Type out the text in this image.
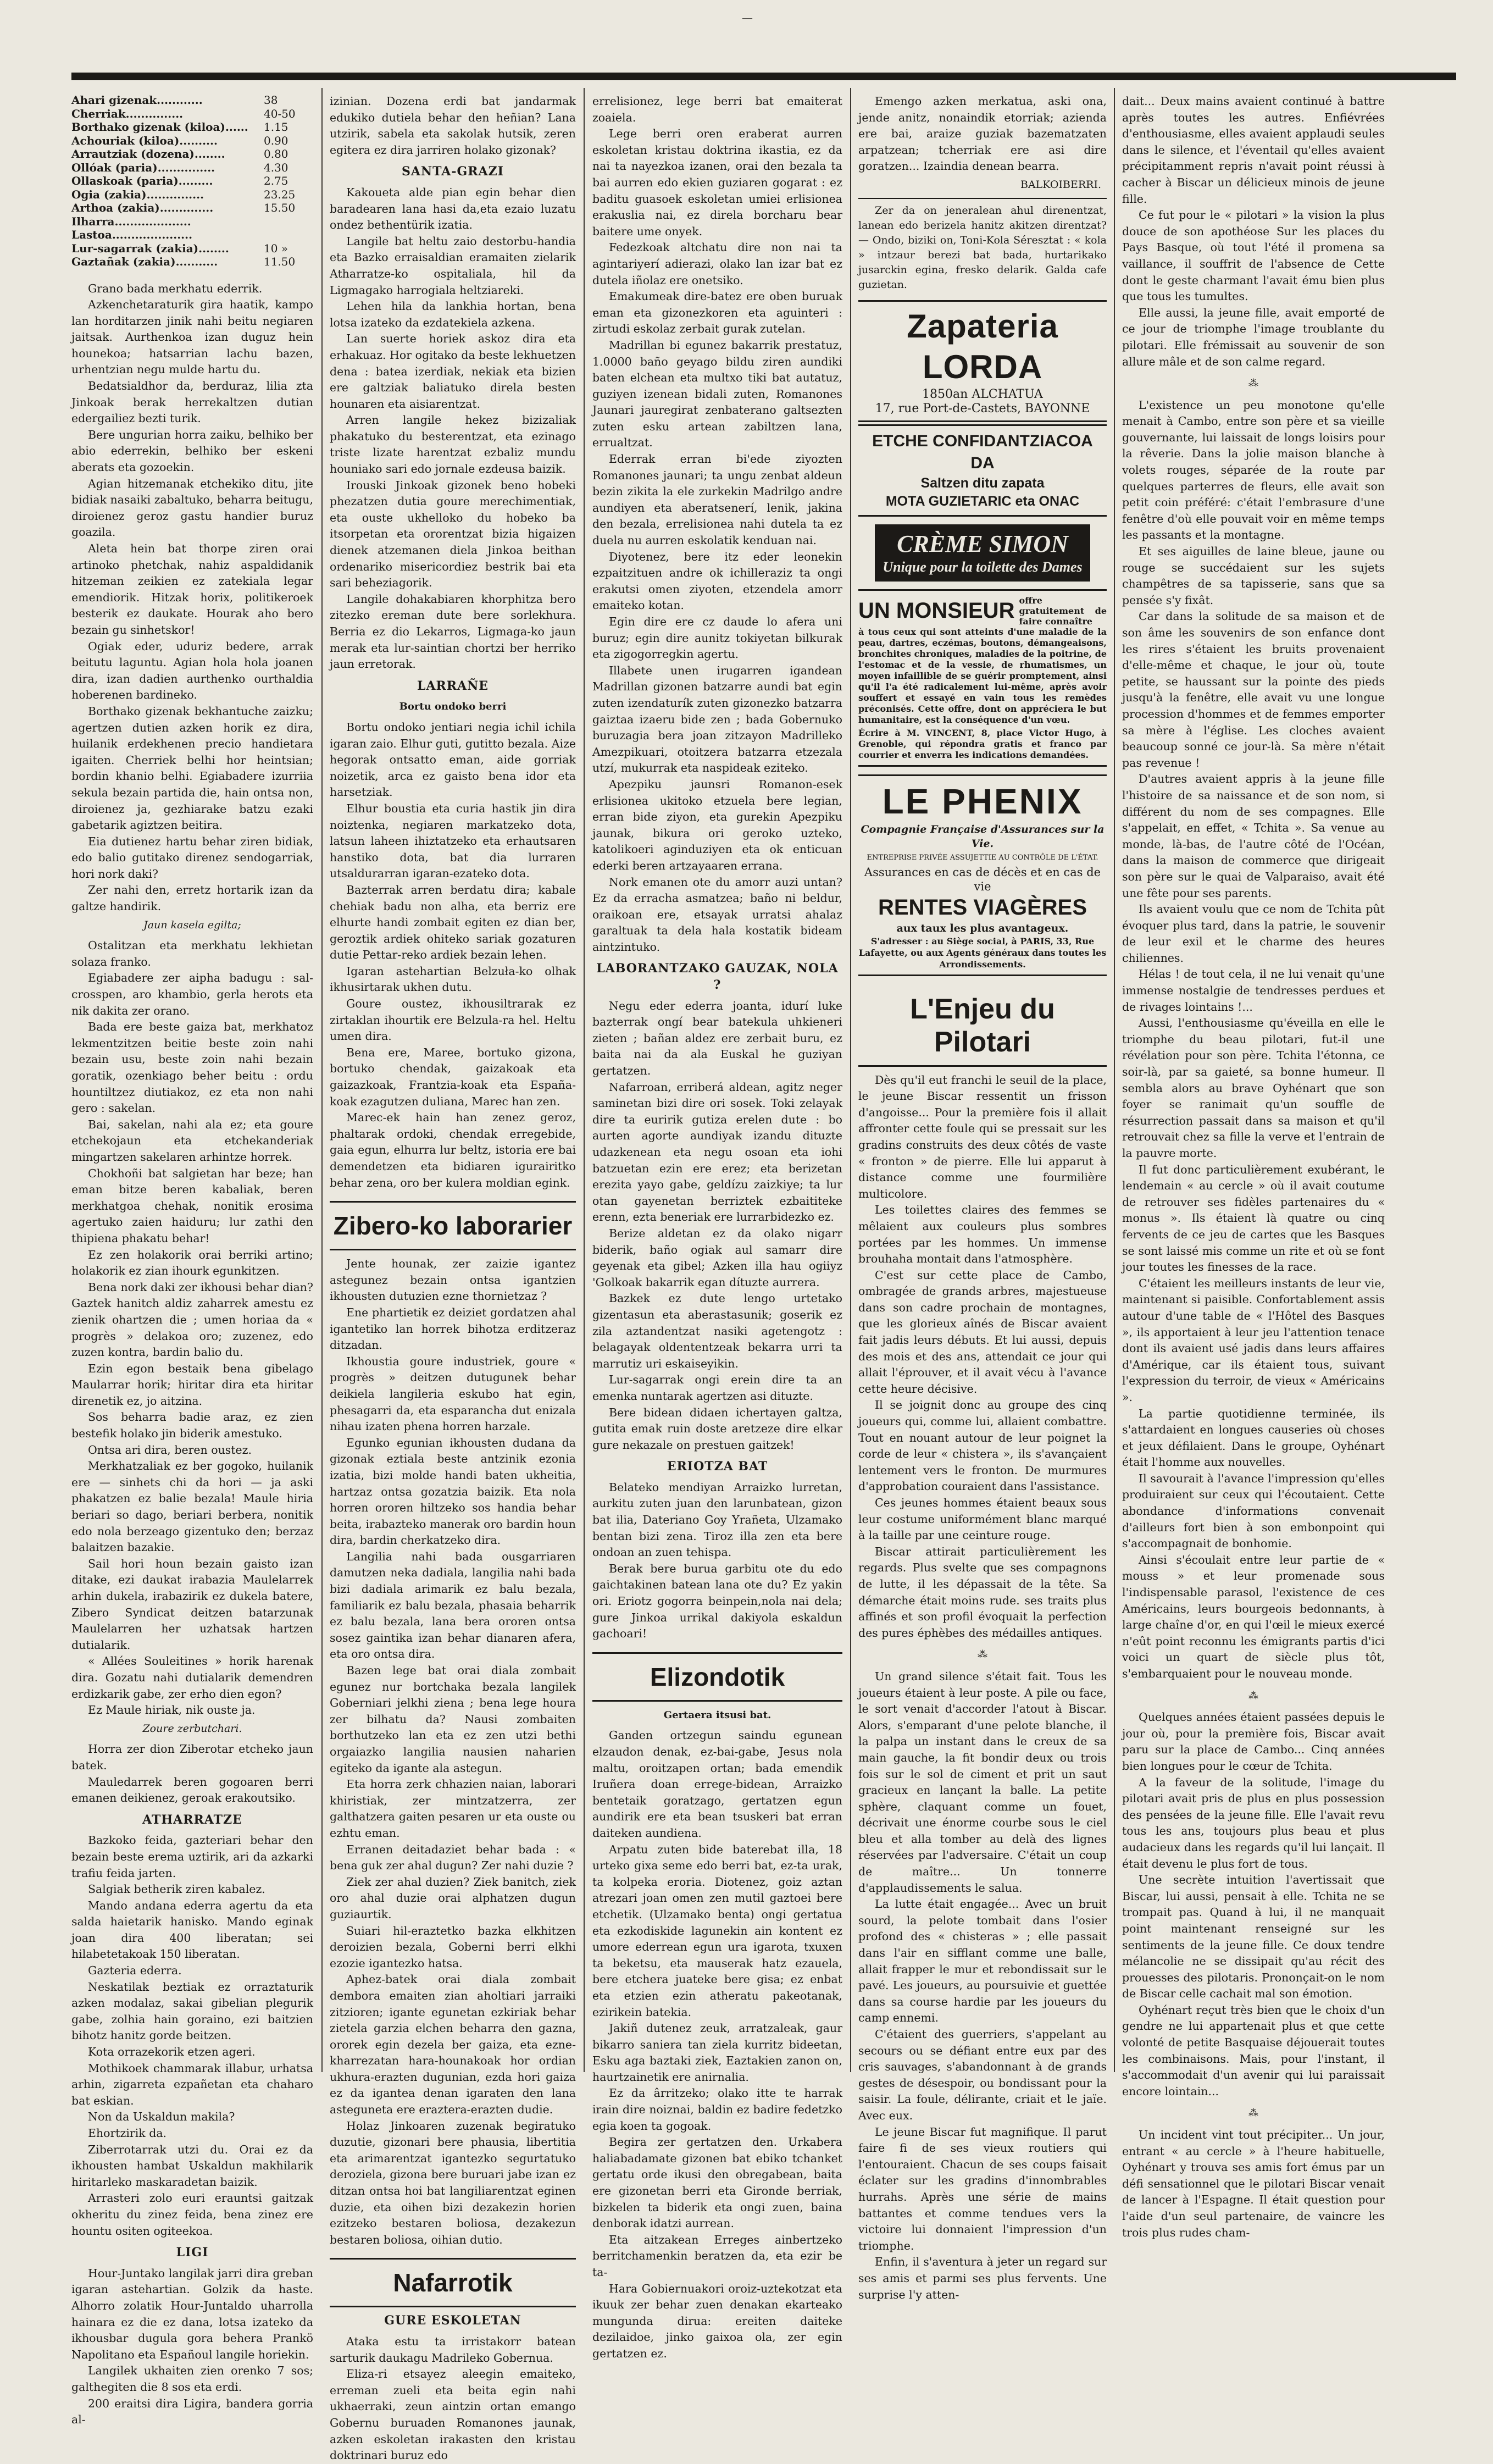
Ahari gizenak............	38
Cherriak...............	40-50
Borthako gizenak (kiloa)...... 1.15
Achouriak (kiloa)..........	0.90
Arrautziak (dozena)........	0.80
Ollóak (paria)...............	4.30
Ollaskoak (paria).........	2.75
Ogia (zakia)...............	23.25
Arthoa (zakia)..............	15.50
Ilharra....................
Lastoa.....................
Lur-sagarrak (zakia)........	10 »
Gaztañak (zakia)...........	11.50

Grano bada merkhatu ederrik.

Azkenchetaraturik gira haatik, kampo lan horditarzen jinik nahi beitu negiaren jaitsak. Aurthenkoa izan duguz hein hounekoa; hatsarrian lachu bazen, urhentzian negu mulde hartu du.

Bedatsialdhor da, berduraz, lilia zta Jinkoak berak herrekaltzen dutian edergailiez bezti turik.

Bere ungurian horra zaiku, belhiko ber abio ederrekin, belhiko ber eskeni aberats eta gozoekin.

Agian hitzemanak etchekiko ditu, jite bidiak nasaiki zabaltuko, beharra beitugu, diroienez geroz gastu handier buruz goazila.

Aleta hein bat thorpe ziren orai artinoko phetchak, nahiz aspaldidanik hitzeman zeikien ez zatekiala legar emendiorik. Hitzak horix, politikeroek besterik ez daukate. Hourak aho bero bezain gu sinhetskor!

Ogiak eder, uduriz bedere, arrak beitutu laguntu. Agian hola hola joanen dira, izan dadien aurthenko ourthaldia hoberenen bardineko.

Borthako gizenak bekhantuche zaizku; agertzen dutien azken horik ez dira, huilanik erdekhenen precio handietara igaiten. Cherriek belhi hor heintsian; bordin khanio belhi. Egiabadere izurriia sekula bezain partida die, hain ontsa non, diroienez ja, gezhiarake batzu ezaki gabetarik agiztzen beitira.

Eia dutienez hartu behar ziren bidiak, edo balio gutitako direnez sendogarriak, hori nork daki?

Zer nahi den, erretz hortarik izan da galtze handirik.

Jaun kasela egilta;

Ostalitzan eta merkhatu lekhietan solaza franko.

Egiabadere zer aipha badugu : sal-crosspen, aro khambio, gerla herots eta nik dakita zer orano.

Bada ere beste gaiza bat, merkhatoz lekmentzitzen beitie beste zoin nahi bezain usu, beste zoin nahi bezain goratik, ozenkiago beher beitu : ordu hountiltzez diutiakoz, ez eta non nahi gero : sakelan.

Bai, sakelan, nahi ala ez; eta goure etchekojaun eta etchekanderiak mingartzen sakelaren arhintze horrek.

Chokhoñi bat salgietan har beze; han eman bitze beren kabaliak, beren merkhatgoa chehak, nonitik erosima agertuko zaien haiduru; lur zathi den thipiena phakatu behar!

Ez zen holakorik orai berriki artino; holakorik ez zian ihourk egunkitzen.

Bena nork daki zer ikhousi behar dian? Gaztek hanitch aldiz zaharrek amestu ez zienik ohartzen die ; umen horiaa da « progrès » delakoa oro; zuzenez, edo zuzen kontra, bardin balio du.

Ezin egon bestaik bena gibelago Maularrar horik; hiritar dira eta hiritar direnetik ez, jo aitzina.

Sos beharra badie araz, ez zien bestefik holako jin biderik amestuko.

Ontsa ari dira, beren oustez.

Merkhatzaliak ez ber gogoko, huilanik ere — sinhets chi da hori — ja aski phakatzen ez balie bezala! Maule hiria beriari so dago, beriari berbera, nonitik edo nola berzeago gizentuko den; berzaz balaitzen bazakie.

Sail hori houn bezain gaisto izan ditake, ezi daukat irabazia Maulelarrek arhin dukela, irabazirik ez dukela batere, Zibero Syndicat deitzen batarzunak Maulelarren her uzhatsak hartzen dutialarik.

« Allées Souleitines » horik harenak dira. Gozatu nahi dutialarik demendren erdizkarik gabe, zer erho dien egon?

Ez Maule hiriak, nik ouste ja.

Zoure zerbutchari.

Horra zer dion Ziberotar etcheko jaun batek.

Mauledarrek beren gogoaren berri emanen deikienez, geroak erakoutsiko.

ATHARRATZE

Bazkoko feida, gazteriari behar den bezain beste erema uztirik, ari da azkarki trafiu feida jarten.

Salgiak betherik ziren kabalez.

Mando andana ederra agertu da eta salda haietarik hanisko. Mando eginak joan dira 400 liberatan; sei hilabetetakoak 150 liberatan.

Gazteria ederra.

Neskatilak beztiak ez orraztaturik azken modalaz, sakai gibelian plegurik gabe, zolhia hain goraino, ezi baitzien bihotz hanitz gorde beitzen.

Kota orrazekorik etzen ageri.

Mothikoek chammarak illabur, urhatsa arhin, zigarreta ezpañetan eta chaharo bat eskian.

Non da Uskaldun makila?

Ehortzirik da.

Ziberrotarrak utzi du. Orai ez da ikhousten hambat Uskaldun makhilarik hiritarleko maskaradetan baizik.

Arrasteri zolo euri erauntsi gaitzak okheritu du zinez feida, bena zinez ere hountu ositen ogiteekoa.

LIGI

Hour-Juntako langilak jarri dira greban igaran astehartian. Golzik da haste. Alhorro zolatik Hour-Juntaldo uharrolla hainara ez die ez dana, lotsa izateko da ikhousbar dugula gora behera Prankö Napolitano eta Españoul langile horiekin.

Langilek ukhaiten zien orenko 7 sos; galthegiten die 8 sos eta erdi.

200 eraitsi dira Ligira, bandera gorria al-

izinian. Dozena erdi bat jandarmak edukiko dutiela behar den heñian? Lana utzirik, sabela eta sakolak hutsik, zeren egitera ez dira jarriren holako gizonak?

SANTA-GRAZI

Kakoueta alde pian egin behar dien baradearen lana hasi da,eta ezaio luzatu ondez bethentürik izatia.

Langile bat heltu zaio destorbu-handia eta Bazko erraisaldian eramaiten zielarik Atharratze-ko ospitaliala, hil da Ligmagako harrogiala heltziareki.

Lehen hila da lankhia hortan, bena lotsa izateko da ezdatekiela azkena.

Lan suerte horiek askoz dira eta erhakuaz. Hor ogitako da beste lekhuetzen dena : batea izerdiak, nekiak eta bizien ere galtziak baliatuko direla besten hounaren eta aisiarentzat.

Arren langile hekez bizizaliak phakatuko du besterentzat, eta ezinago triste lizate harentzat ezbaliz mundu houniako sari edo jornale ezdeusa baizik.

Irouski Jinkoak gizonek beno hobeki phezatzen dutia goure merechimentiak, eta ouste ukhelloko du hobeko ba itsorpetan eta ororentzat bizia higaizen dienek atzemanen diela Jinkoa beithan ordenariko misericordiez bestrik bai eta sari beheziagorik.

Langile dohakabiaren khorphitza bero zitezko ereman dute bere sorlekhura. Berria ez dio Lekarros, Ligmaga-ko jaun merak eta lur-saintian chortzi ber herriko jaun erretorak.

LARRAÑE
Bortu ondoko berri

Bortu ondoko jentiari negia ichil ichila igaran zaio. Elhur guti, gutitto bezala. Aize hegorak ontsatto eman, aide gorriak noizetik, arca ez gaisto bena idor eta harsetziak.

Elhur boustia eta curia hastik jin dira noiztenka, negiaren markatzeko dota, latsun laheen ihiztatzeko eta erhautsaren hanstiko dota, bat dia lurraren utsaldurarran igaran-ezateko dota.

Bazterrak arren berdatu dira; kabale chehiak badu non alha, eta berriz ere elhurte handi zombait egiten ez dian ber, geroztik ardiek ohiteko sariak gozaturen dutie Pettar-reko ardiek bezain lehen.

Igaran astehartian Belzuła-ko olhak ikhusirtarak ukhen dutu.

Goure oustez, ikhousiltrarak ez zirtaklan ihourtik ere Belzula-ra hel. Heltu umen dira.

Bena ere, Maree, bortuko gizona, bortuko chendak, gaizakoak eta gaizazkoak, Frantzia-koak eta España-koak ezagutzen duliana, Marec han zen.

Marec-ek hain han zenez geroz, phaltarak ordoki, chendak erregebide, gaia egun, elhurra lur beltz, istoria ere bai demendetzen eta bidiaren igurairitko behar zena, oro ber kulera moldian egink.

Zibero-ko laborarier

Jente hounak, zer zaizie igantez astegunez bezain ontsa igantzien ikhousten dutuzien ezne thornietzaz ?

Ene phartietik ez deiziet gordatzen ahal igantetiko lan horrek bihotza erditzeraz ditzadan.

Ikhoustia goure industriek, goure « progrès » deitzen dutugunek behar deikiela langileria eskubo hat egin, phesagarri da, eta esparancha dut enizala nihau izaten phena horren harzale.

Egunko egunian ikhousten dudana da gizonak eztiala beste antzinik ezonia izatia, bizi molde handi baten ukheitia, hartzaz ontsa gozatzia baizik. Eta nola horren ororen hiltzeko sos handia behar beita, irabazteko manerak oro bardin houn dira, bardin cherkatzeko dira.

Langilia nahi bada ousgarriaren damutzen neka dadiala, langilia nahi bada bizi dadiala arimarik ez balu bezala, familiarik ez balu bezala, phasaia beharrik ez balu bezala, lana bera ororen ontsa sosez gaintika izan behar dianaren afera, eta oro ontsa dira.

Bazen lege bat orai diala zombait egunez nur bortchaka bezala langilek Goberniari jelkhi ziena ; bena lege houra zer bilhatu da? Nausi zombaiten borthutzeko lan eta ez zen utzi bethi orgaiazko langilia nausien naharien egiteko da igante ala astegun.

Eta horra zerk chhazien naian, laborari khiristiak, zer mintzatzerra, zer galthatzera gaiten pesaren ur eta ouste ou ezhtu eman.

Erranen deitadaziet behar bada : « bena guk zer ahal dugun? Zer nahi duzie ?

Ziek zer ahal duzien? Ziek banitch, ziek oro ahal duzie orai alphatzen dugun guziaurtik.

Suiari hil-eraztetko bazka elkhitzen deroizien bezala, Goberni berri elkhi ezozie igantezko hatsa.

Aphez-batek orai diala zombait dembora emaiten zian aholtiari jarraiki zitzioren; igante egunetan ezkiriak behar zietela garzia elchen beharra den gazna, ororek egin dezela ber gaiza, eta ezne-kharrezatan hara-hounakoak hor ordian ukhura-erazten dugunian, ezda hori gaiza ez da igantea denan igaraten den lana asteguneta ere eraztera-erazten dudie.

Holaz Jinkoaren zuzenak begiratuko duzutie, gizonari bere phausia, libertitia eta arimarentzat igantezko segurtatuko deroziela, gizona bere buruari jabe izan ez ditzan ontsa hoi bat langiliarentzat eginen duzie, eta oihen bizi dezakezin horien ezitzeko bestaren boliosa, dezakezun bestaren boliosa, oihian dutio.

Nafarrotik
GURE ESKOLETAN

Ataka estu ta irristakorr batean sarturik daukagu Madrileko Gobernua.

Eliza-ri etsayez aleegin emaiteko, erreman zueli eta beita egin nahi ukhaerraki, zeun aintzin ortan emango Gobernu buruaden Romanones jaunak, azken eskoletan irakasten den kristau doktrinari buruz edo

errelisionez, lege berri bat emaiterat zoaiela.

Lege berri oren eraberat aurren eskoletan kristau doktrina ikastia, ez da nai ta nayezkoa izanen, orai den bezala ta bai aurren edo ekien guziaren gogarat : ez baditu guasoek eskoletan umiei erlisionea erakuslia nai, ez direla borcharu bear baitere ume onyek.

Fedezkoak altchatu dire non nai ta agintariyerí adierazi, olako lan izar bat ez dutela iñolaz ere onetsiko.

Emakumeak dire-batez ere oben buruak eman eta gizonezkoren eta aguinteri : zirtudi eskolaz zerbait gurak zutelan.

Madrillan bi egunez bakarrik prestatuz, 1.0000 baño geyago bildu ziren aundiki baten elchean eta multxo tiki bat autatuz, guziyen izenean bidali zuten, Romanones Jaunari jauregirat zenbaterano galtsezten zuten esku artean zabiltzen lana, errualtzat.

Ederrak erran bi'ede ziyozten Romanones jaunari; ta ungu zenbat aldeun bezin zikita la ele zurkekin Madrilgo andre aundiyen eta aberatsenerí, lenik, jakina den bezala, errelisionea nahi dutela ta ez duela nu aurren eskolatik kenduan nai.

Diyotenez, bere itz eder leonekin ezpaitzituen andre ok ichilleraziz ta ongi erakutsi omen ziyoten, etzendela amorr emaiteko kotan.

Egin dire ere cz daude lo afera uni buruz; egin dire aunitz tokiyetan bilkurak eta zigogorregkin agertu.

Illabete unen irugarren igandean Madrillan gizonen batzarre aundi bat egin zuten izendaturík zuten gizonezko batzarra gaiztaa izaeru bide zen ; bada Gobernuko buruzagia bera joan zitzayon Madrilleko Amezpikuari, otoitzera batzarra etzezala utzí, mukurrak eta naspideak eziteko.

Apezpiku jaunsri Romanon-esek erlisionea ukitoko etzuela bere legian, erran bide ziyon, eta gurekin Apezpiku jaunak, bikura ori geroko uzteko, katolikoeri aginduziyen eta ok enticuan ederki beren artzayaaren errana.

Nork emanen ote du amorr auzi untan? Ez da erracha asmatzea; baño ni beldur, oraikoan ere, etsayak urratsi ahalaz garaltuak ta dela hala kostatik bideam aintzintuko.

LABORANTZAKO GAUZAK, NOLA ?

Negu eder ederra joanta, idurí luke bazterrak ongí bear batekula uhkieneri zieten ; bañan aldez ere zerbait buru, ez baita nai da ala Euskal he guziyan gertatzen.

Nafarroan, erriberá aldean, agitz neger saminetan bizi dire ori sosek. Toki zelayak dire ta euririk gutiza erelen dute : bo aurten agorte aundiyak izandu dituzte udazkenean eta negu osoan eta iohi batzuetan ezin ere erez; eta berizetan erezita yayo gabe, geldízu zaizkiye; ta lur otan gayenetan berriztek ezbaititeke erenn, ezta beneriak ere lurrarbidezko ez.

Berize aldetan ez da olako nigarr biderik, baño ogiak aul samarr dire geyenak eta gibel; Azken illa hau ogiiyz 'Golkoak bakarrik egan dítuzte aurrera.

Bazkek ez dute lengo urtetako gizentasun eta aberastasunik; goserik ez zila aztandentzat nasiki agetengotz : belagayak oldententzeak bekarra urri ta marrutiz uri eskaiseyikin.

Lur-sagarrak ongi erein dire ta an emenka nuntarak agertzen asi dituzte.

Bere bidean didaen ichertayen galtza, gutita emak ruin doste aretzeze dire elkar gure nekazale on prestuen gaitzek!

ERIOTZA BAT

Belateko mendiyan Arraizko lurretan, aurkitu zuten juan den larunbatean, gizon bat ilia, Dateriano Goy Yrañeta, Ulzamako bentan bizi zena. Tiroz illa zen eta bere ondoan an zuen tehispa.

Berak bere burua garbitu ote du edo gaichtakinen batean lana ote du? Ez yakin ori. Eriotz gogorra beinpein,nola nai dela; gure Jinkoa urrikal dakiyola eskaldun gachoari!

Elizondotik
Gertaera itsusi bat.

Ganden ortzegun saindu egunean elzaudon denak, ez-bai-gabe, Jesus nola maltu, oroitzapen ortan; bada emendik Iruñera doan errege-bidean, Arraizko bentetaik goratzago, gertatzen egun aundirik ere eta bean tsuskeri bat erran daiteken aundiena.

Arpatu zuten bide baterebat illa, 18 urteko gixa seme edo berri bat, ez-ta urak, ta kolpeka eroria. Diotenez, goiz aztan atrezari joan omen zen mutil gaztoei bere etchetik. (Ulzamako benta) ongi gertatua eta ezkodiskide lagunekin ain kontent ez umore ederrean egun ura igarota, txuxen ta beketsu, eta mauserak hatz ezauela, bere etchera juateke bere gisa; ez enbat eta etzien ezin atheratu pakeotanak, ezirikein batekia.

Jakiñ dutenez zeuk, arratzaleak, gaur bikarro saniera tan ziela kurritz bideetan, Esku aga baztaki ziek, Eaztakien zanon on, haurtzainetik ere anirnalia.

Ez da ârritzeko; olako itte te harrak irain dire noiznai, baldin ez badire fedetzko egia koen ta gogoak.

Begira zer gertatzen den. Urkabera haliabadamate gizonen bat ebiko tchanket gertatu orde ikusi den obregabean, baita ere gizonetan berri eta Gironde berriak, bizkelen ta biderik eta ongi zuen, baina denborak idatzi aurrean.

Eta aitzakean Erreges ainbertzeko berritchamenkin beratzen da, eta ezir be ta-

Hara Gobiernuakori oroiz-uztekotzat eta ikuuk zer behar zuen denakan ekarteako mungunda dirua: ereiten daiteke dezilaidoe, jinko gaixoa ola, zer egin gertatzen ez.

Emengo azken merkatua, aski ona, jende anitz, nonaindik etorriak; azienda ere bai, araize guziak bazematzaten arpatzean; tcherriak ere asi dire goratzen... Izaindia denean bearra.

BALKOIBERRI.

Zer da on jeneralean ahul direnentzat, lanean edo berizela hanitz akitzen direntzat? — Ondo, biziki on, Toni-Kola Séresztat : « kola » intzaur berezi bat bada, hurtarikako jusarckin egina, fresko delarik. Galda cafe guzietan.

Zapateria LORDA
1850an ALCHATUA
17, rue Port-de-Castets, BAYONNE
ETCHE CONFIDANTZIACOA DA
Saltzen ditu zapata
MOTA GUZIETARIC eta ONAC
CRÈME SIMON
Unique pour la toilette des Dames
UN MONSIEUR offre gratuitement de faire connaître
à tous ceux qui sont atteints d'une maladie de la peau, dartres, eczémas, boutons, démangeaisons, bronchites chroniques, maladies de la poitrine, de l'estomac et de la vessie, de rhumatismes, un moyen infaillible de se guérir promptement, ainsi qu'il l'a été radicalement lui-même, après avoir souffert et essayé en vain tous les remèdes préconisés. Cette offre, dont on appréciera le but humanitaire, est la conséquence d'un vœu.
Écrire à M. VINCENT, 8, place Victor Hugo, à Grenoble, qui répondra gratis et franco par courrier et enverra les indications demandées.
LE PHENIX
Compagnie Française d'Assurances sur la Vie.
ENTREPRISE PRIVÉE ASSUJETTIE AU CONTRÔLE DE L'ÉTAT.
Assurances en cas de décès et en cas de vie
RENTES VIAGÈRES
aux taux les plus avantageux.
S'adresser : au Siège social, à PARIS, 33, Rue Lafayette, ou aux Agents généraux dans toutes les Arrondissements.
L'Enjeu du Pilotari

Dès qu'il eut franchi le seuil de la place, le jeune Biscar ressentit un frisson d'angoisse... Pour la première fois il allait affronter cette foule qui se pressait sur les gradins construits des deux côtés de vaste « fronton » de pierre. Elle lui apparut à distance comme une fourmilière multicolore.

Les toilettes claires des femmes se mêlaient aux couleurs plus sombres portées par les hommes. Un immense brouhaha montait dans l'atmosphère.

C'est sur cette place de Cambo, ombragée de grands arbres, majestueuse dans son cadre prochain de montagnes, que les glorieux aînés de Biscar avaient fait jadis leurs débuts. Et lui aussi, depuis des mois et des ans, attendait ce jour qui allait l'éprouver, et il avait vécu à l'avance cette heure décisive.

Il se joignit donc au groupe des cinq joueurs qui, comme lui, allaient combattre. Tout en nouant autour de leur poignet la corde de leur « chistera », ils s'avançaient lentement vers le fronton. De murmures d'approbation couraient dans l'assistance.

Ces jeunes hommes étaient beaux sous leur costume uniformément blanc marqué à la taille par une ceinture rouge.

Biscar attirait particulièrement les regards. Plus svelte que ses compagnons de lutte, il les dépassait de la tête. Sa démarche était moins rude. ses traits plus affinés et son profil évoquait la perfection des pures éphèbes des médailles antiques.

⁂

Un grand silence s'était fait. Tous les joueurs étaient à leur poste. A pile ou face, le sort venait d'accorder l'atout à Biscar. Alors, s'emparant d'une pelote blanche, il la palpa un instant dans le creux de sa main gauche, la fit bondir deux ou trois fois sur le sol de ciment et prit un saut gracieux en lançant la balle. La petite sphère, claquant comme un fouet, décrivait une énorme courbe sous le ciel bleu et alla tomber au delà des lignes réservées par l'adversaire. C'était un coup de maître... Un tonnerre d'applaudissements le salua.

La lutte était engagée... Avec un bruit sourd, la pelote tombait dans l'osier profond des « chisteras » ; elle passait dans l'air en sifflant comme une balle, allait frapper le mur et rebondissait sur le pavé. Les joueurs, au poursuivie et guettée dans sa course hardie par les joueurs du camp ennemi.

C'étaient des guerriers, s'appelant au secours ou se défiant entre eux par des cris sauvages, s'abandonnant à de grands gestes de désespoir, ou bondissant pour la saisir. La foule, délirante, criait et le jaïe. Avec eux.

Le jeune Biscar fut magnifique. Il parut faire fi de ses vieux routiers qui l'entouraient. Chacun de ses coups faisait éclater sur les gradins d'innombrables hurrahs. Après une série de mains battantes et comme tendues vers la victoire lui donnaient l'impression d'un triomphe.

Enfin, il s'aventura à jeter un regard sur ses amis et parmi ses plus fervents. Une surprise l'y atten-

dait... Deux mains avaient continué à battre après toutes les autres. Enfiévrées d'enthousiasme, elles avaient applaudi seules dans le silence, et l'éventail qu'elles avaient précipitamment repris n'avait point réussi à cacher à Biscar un délicieux minois de jeune fille.

Ce fut pour le « pilotari » la vision la plus douce de son apothéose Sur les places du Pays Basque, où tout l'été il promena sa vaillance, il souffrit de l'absence de Cette dont le geste charmant l'avait ému bien plus que tous les tumultes.

Elle aussi, la jeune fille, avait emporté de ce jour de triomphe l'image troublante du pilotari. Elle frémissait au souvenir de son allure mâle et de son calme regard.

⁂

L'existence un peu monotone qu'elle menait à Cambo, entre son père et sa vieille gouvernante, lui laissait de longs loisirs pour la rêverie. Dans la jolie maison blanche à volets rouges, séparée de la route par quelques parterres de fleurs, elle avait son petit coin préféré: c'était l'embrasure d'une fenêtre d'où elle pouvait voir en même temps les passants et la montagne.

Et ses aiguilles de laine bleue, jaune ou rouge se succédaient sur les sujets champêtres de sa tapisserie, sans que sa pensée s'y fixât.

Car dans la solitude de sa maison et de son âme les souvenirs de son enfance dont les rires s'étaient les bruits provenaient d'elle-même et chaque, le jour où, toute petite, se haussant sur la pointe des pieds jusqu'à la fenêtre, elle avait vu une longue procession d'hommes et de femmes emporter sa mère à l'église. Les cloches avaient beaucoup sonné ce jour-là. Sa mère n'était pas revenue !

D'autres avaient appris à la jeune fille l'histoire de sa naissance et de son nom, si différent du nom de ses compagnes. Elle s'appelait, en effet, « Tchita ». Sa venue au monde, là-bas, de l'autre côté de l'Océan, dans la maison de commerce que dirigeait son père sur le quai de Valparaiso, avait été une fête pour ses parents.

Ils avaient voulu que ce nom de Tchita pût évoquer plus tard, dans la patrie, le souvenir de leur exil et le charme des heures chiliennes.

Hélas ! de tout cela, il ne lui venait qu'une immense nostalgie de tendresses perdues et de rivages lointains !...

Aussi, l'enthousiasme qu'éveilla en elle le triomphe du beau pilotari, fut-il une révélation pour son père. Tchita l'étonna, ce soir-là, par sa gaieté, sa bonne humeur. Il sembla alors au brave Oyhénart que son foyer se ranimait qu'un souffle de résurrection passait dans sa maison et qu'il retrouvait chez sa fille la verve et l'entrain de la pauvre morte.

Il fut donc particulièrement exubérant, le lendemain « au cercle » où il avait coutume de retrouver ses fidèles partenaires du « monus ». Ils étaient là quatre ou cinq fervents de ce jeu de cartes que les Basques se sont laissé mis comme un rite et où se font jour toutes les finesses de la race.

C'étaient les meilleurs instants de leur vie, maintenant si paisible. Confortablement assis autour d'une table de « l'Hôtel des Basques », ils apportaient à leur jeu l'attention tenace dont ils avaient usé jadis dans leurs affaires d'Amérique, car ils étaient tous, suivant l'expression du terroir, de vieux « Américains ».

La partie quotidienne terminée, ils s'attardaient en longues causeries où choses et jeux défilaient. Dans le groupe, Oyhénart était l'homme aux nouvelles.

Il savourait à l'avance l'impression qu'elles produiraient sur ceux qui l'écoutaient. Cette abondance d'informations convenait d'ailleurs fort bien à son embonpoint qui s'accompagnait de bonhomie.

Ainsi s'écoulait entre leur partie de « mouss » et leur promenade sous l'indispensable parasol, l'existence de ces Américains, leurs bourgeois bedonnants, à large chaîne d'or, en qui l'œil le mieux exercé n'eût point reconnu les émigrants partis d'ici voici un quart de siècle plus tôt, s'embarquaient pour le nouveau monde.

⁂

Quelques années étaient passées depuis le jour où, pour la première fois, Biscar avait paru sur la place de Cambo... Cinq années bien longues pour le cœur de Tchita.

A la faveur de la solitude, l'image du pilotari avait pris de plus en plus possession des pensées de la jeune fille. Elle l'avait revu tous les ans, toujours plus beau et plus audacieux dans les regards qu'il lui lançait. Il était devenu le plus fort de tous.

Une secrète intuition l'avertissait que Biscar, lui aussi, pensait à elle. Tchita ne se trompait pas. Quand à lui, il ne manquait point maintenant renseigné sur les sentiments de la jeune fille. Ce doux tendre mélancolie ne se dissipait qu'au récit des prouesses des pilotaris. Prononçait-on le nom de Biscar celle cachait mal son émotion.

Oyhénart reçut très bien que le choix d'un gendre ne lui appartenait plus et que cette volonté de petite Basquaise déjouerait toutes les combinaisons. Mais, pour l'instant, il s'accommodait d'un avenir qui lui paraissait encore lointain...

⁂

Un incident vint tout précipiter... Un jour, entrant « au cercle » à l'heure habituelle, Oyhénart y trouva ses amis fort émus par un défi sensationnel que le pilotari Biscar venait de lancer à l'Espagne. Il était question pour l'aide d'un seul partenaire, de vaincre les trois plus rudes cham-

—
